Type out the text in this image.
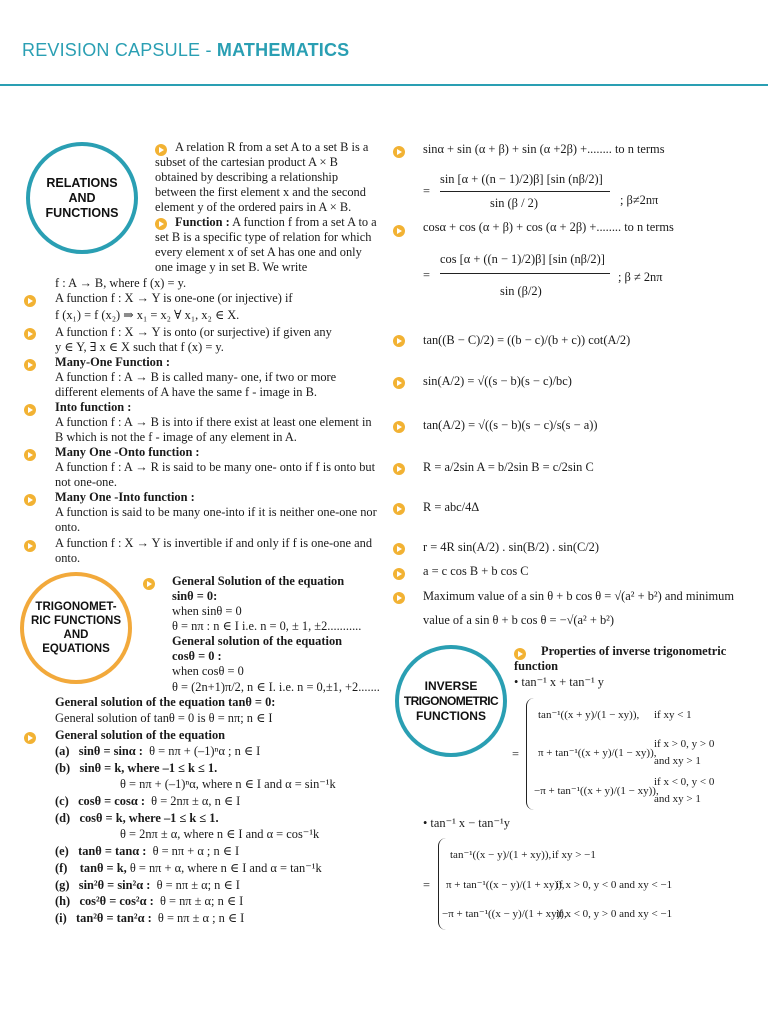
REVISION CAPSULE - MATHEMATICS
RELATIONS
AND
FUNCTIONS
A relation R from a set A to a set B is a subset of the cartesian product A × B obtained by describing a relationship between the first element x and the second element y of the ordered pairs in A × B.
Function : A function f from a set A to a set B is a specific type of relation for which every element x of set A has one and only one image y in set B. We write
f : A → B, where f (x) = y.
A function f : X → Y is one-one (or injective) if
f (x₁) = f (x₂) ⇒ x₁ = x₂ ∀ x₁, x₂ ∈ X.
A function f : X → Y is onto (or surjective) if given any
y ∈ Y, ∃ x ∈ X such that f (x) = y.
Many-One Function :
A function f : A → B is called many- one, if two or more different elements of A have the same f - image in B.
Into function :
A function f : A → B is into if there exist at least one element in B which is not the f - image of any element in A.
Many One -Onto function :
A function f : A → R is said to be many one- onto if f is onto but not one-one.
Many One -Into function :
A function is said to be many one-into if it is neither one-one nor onto.
A function f : X → Y is invertible if and only if f is one-one and onto.
TRIGONOMET-
RIC FUNCTIONS
AND
EQUATIONS
General Solution of the equation
sinθ = 0:
when sinθ = 0
θ = nπ : n ∈ I i.e. n = 0, ± 1, ±2...........
General solution of the equation
cosθ = 0 :
when cosθ = 0
θ = (2n+1)π/2, n ∈ I. i.e. n = 0,±1, +2.......
General solution of the equation tanθ = 0:
General solution of tanθ = 0 is θ = nπ; n ∈ I
General solution of the equation
(a) sinθ = sinα : θ = nπ + (–1)ⁿα ; n ∈ I
(b) sinθ = k, where –1 ≤ k ≤ 1.
θ = nπ + (–1)ⁿα, where n ∈ I and α = sin⁻¹k
(c) cosθ = cosα : θ = 2nπ ± α, n ∈ I
(d) cosθ = k, where –1 ≤ k ≤ 1.
θ = 2nπ ± α, where n ∈ I and α = cos⁻¹k
(e) tanθ = tanα : θ = nπ + α ; n ∈ I
(f) tanθ = k, θ = nπ + α, where n ∈ I and α = tan⁻¹k
(g) sin²θ = sin²α : θ = nπ ± α; n ∈ I
(h) cos²θ = cos²α : θ = nπ ± α; n ∈ I
(i) tan²θ = tan²α : θ = nπ ± α ; n ∈ I
sinα + sin (α + β) + sin (α +2β) +........ to n terms
=
sin [α + ((n − 1)/2)β] [sin (nβ/2)]
sin (β / 2)	; β≠2nπ
cosα + cos (α + β) + cos (α + 2β) +........ to n terms
=
cos [α + ((n − 1)/2)β] [sin (nβ/2)]
sin (β/2)
; β ≠ 2nπ
tan((B − C)/2) = ((b − c)/(b + c)) cot(A/2)
sin(A/2) = √((s − b)(s − c)/bc)
tan(A/2) = √((s − b)(s − c)/s(s − a))
R = a/2sin A = b/2sin B = c/2sin C
R = abc/4Δ
r = 4R sin(A/2) . sin(B/2) . sin(C/2)
a = c cos B + b cos C
Maximum value of a sin θ + b cos θ = √(a² + b²) and minimum
value of a sin θ + b cos θ = −√(a² + b²)
INVERSE
TRIGONOMETRIC
FUNCTIONS
Properties of inverse trigonometric
function
• tan⁻¹ x + tan⁻¹ y
=
tan⁻¹((x + y)/(1 − xy)), if xy < 1
π + tan⁻¹((x + y)/(1 − xy)),
if x > 0, y > 0
and xy > 1
−π + tan⁻¹((x + y)/(1 − xy)),
if x < 0, y < 0
and xy > 1
• tan⁻¹ x − tan⁻¹y
=
tan⁻¹((x − y)/(1 + xy)), if xy > −1
π + tan⁻¹((x − y)/(1 + xy)),
if x > 0, y < 0 and xy < −1
−π + tan⁻¹((x − y)/(1 + xy)),
if x < 0, y > 0 and xy < −1
